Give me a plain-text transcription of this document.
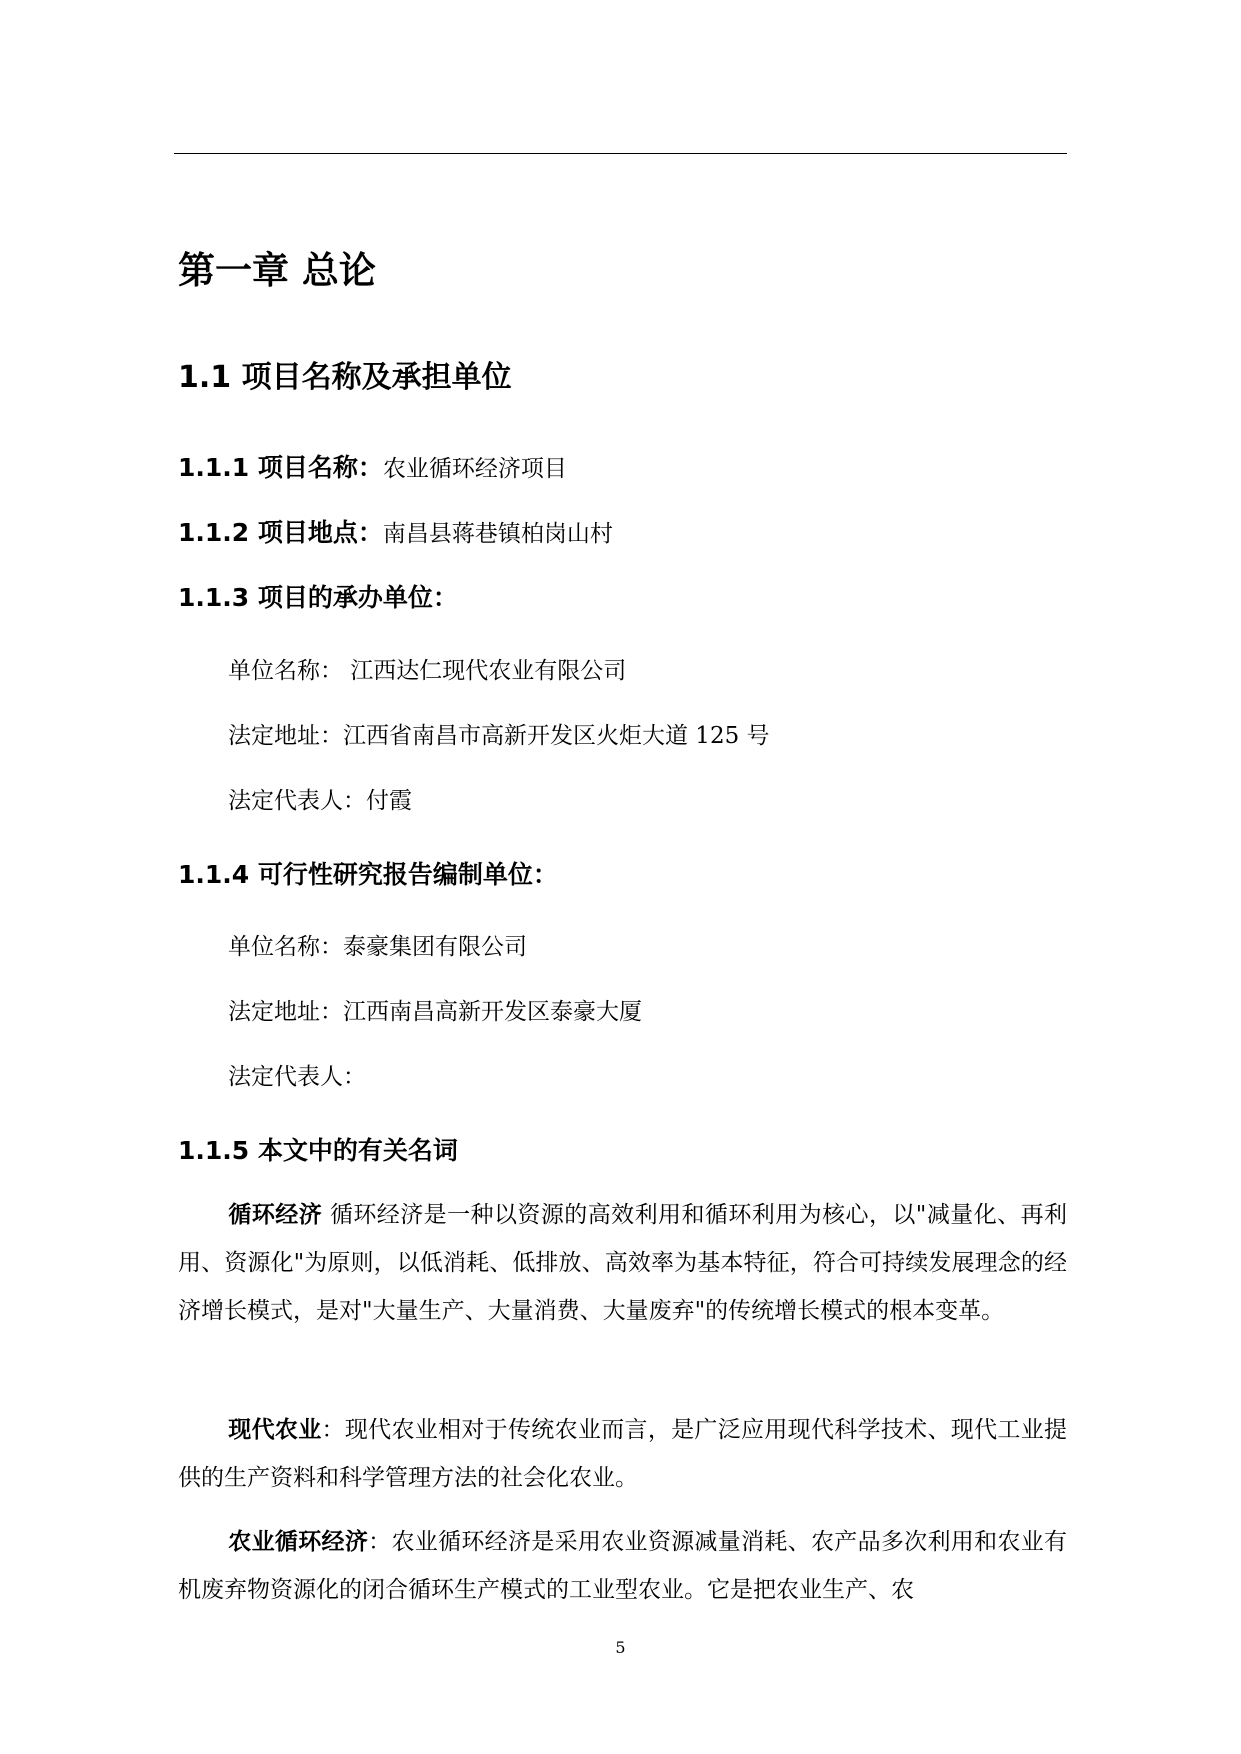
第一章 总论
1.1 项目名称及承担单位
1.1.1 项目名称：农业循环经济项目
1.1.2 项目地点：南昌县蒋巷镇柏岗山村
1.1.3 项目的承办单位：
单位名称： 江西达仁现代农业有限公司
法定地址：江西省南昌市高新开发区火炬大道 125 号
法定代表人：付霞
1.1.4 可行性研究报告编制单位：
单位名称：泰豪集团有限公司
法定地址：江西南昌高新开发区泰豪大厦
法定代表人：
1.1.5 本文中的有关名词
循环经济 循环经济是一种以资源的高效利用和循环利用为核心，以"减量化、再利用、资源化"为原则，以低消耗、低排放、高效率为基本特征，符合可持续发展理念的经济增长模式，是对"大量生产、大量消费、大量废弃"的传统增长模式的根本变革。
现代农业：现代农业相对于传统农业而言，是广泛应用现代科学技术、现代工业提供的生产资料和科学管理方法的社会化农业。
农业循环经济：农业循环经济是采用农业资源减量消耗、农产品多次利用和农业有机废弃物资源化的闭合循环生产模式的工业型农业。它是把农业生产、农
5
